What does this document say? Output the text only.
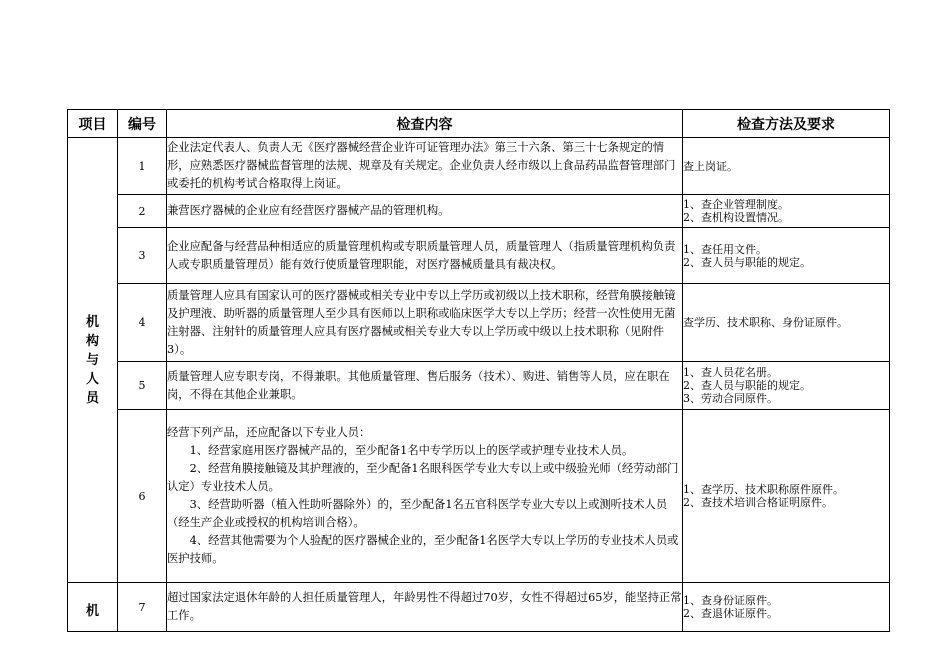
项目	编号	检查内容	检查方法及要求
机构与人员	1	企业法定代表人、负责人无《医疗器械经营企业许可证管理办法》第三十六条、第三十七条规定的情形，应熟悉医疗器械监督管理的法规、规章及有关规定。企业负责人经市级以上食品药品监督管理部门或委托的机构考试合格取得上岗证。	查上岗证。

	2	兼营医疗器械的企业应有经营医疗器械产品的管理机构。	1、查企业管理制度。
2、查机构设置情况。

	3	企业应配备与经营品种相适应的质量管理机构或专职质量管理人员，质量管理人（指质量管理机构负责人或专职质量管理员）能有效行使质量管理职能，对医疗器械质量具有裁决权。	1、查任用文件。
2、查人员与职能的规定。

	4	质量管理人应具有国家认可的医疗器械或相关专业中专以上学历或初级以上技术职称，经营角膜接触镜及护理液、助听器的质量管理人至少具有医师以上职称或临床医学大专以上学历；经营一次性使用无菌注射器、注射针的质量管理人应具有医疗器械或相关专业大专以上学历或中级以上技术职称（见附件3）。	查学历、技术职称、身份证原件。

	5	质量管理人应专职专岗，不得兼职。其他质量管理、售后服务（技术）、购进、销售等人员，应在职在岗，不得在其他企业兼职。	1、查人员花名册。
2、查人员与职能的规定。
3、劳动合同原件。

	6	经营下列产品，还应配备以下专业人员：
1、经营家庭用医疗器械产品的，至少配备1名中专学历以上的医学或护理专业技术人员。
2、经营角膜接触镜及其护理液的，至少配备1名眼科医学专业大专以上或中级验光师（经劳动部门认定）专业技术人员。
3、经营助听器（植入性助听器除外）的，至少配备1名五官科医学专业大专以上或测听技术人员（经生产企业或授权的机构培训合格）。
4、经营其他需要为个人验配的医疗器械企业的，至少配备1名医学大专以上学历的专业技术人员或医护技师。	1、查学历、技术职称原件原件。
2、查技术培训合格证明原件。

机	7	超过国家法定退休年龄的人担任质量管理人，年龄男性不得超过70岁，女性不得超过65岁，能坚持正常工作。	1、查身份证原件。
2、查退休证原件。
